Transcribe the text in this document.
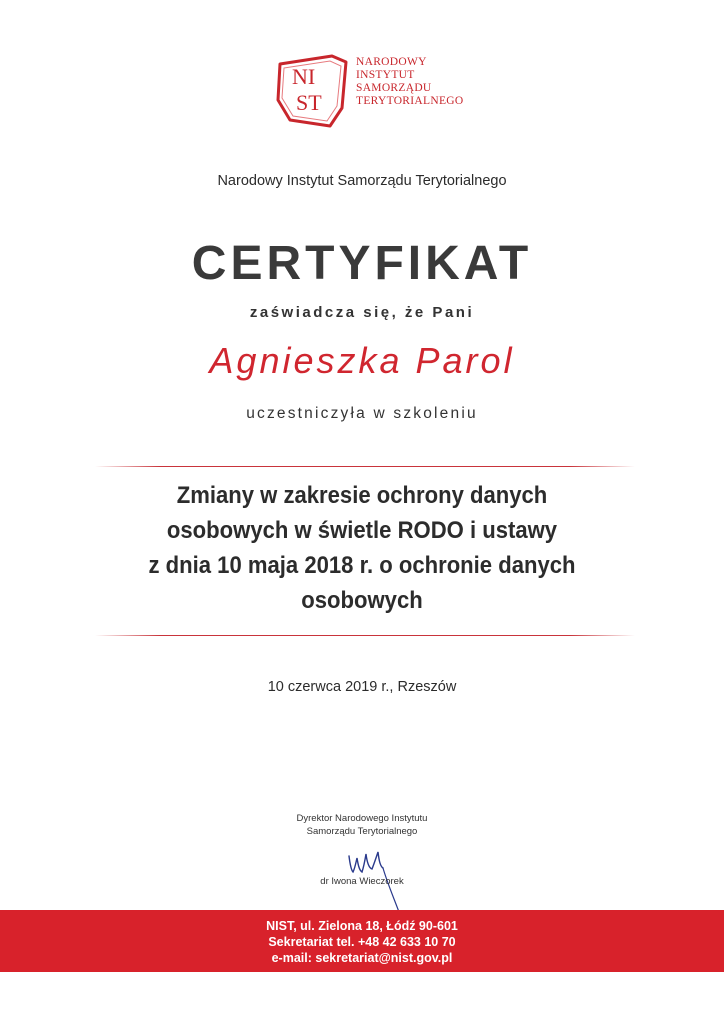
NI
ST
NARODOWY
INSTYTUT
SAMORZĄDU
TERYTORIALNEGO
Narodowy Instytut Samorządu Terytorialnego
CERTYFIKAT
zaświadcza się, że Pani
Agnieszka Parol
uczestniczyła w szkoleniu
Zmiany w zakresie ochrony danych
osobowych w świetle RODO i ustawy
z dnia 10 maja 2018 r. o ochronie danych
osobowych
10 czerwca 2019 r., Rzeszów
Dyrektor Narodowego Instytutu
Samorządu Terytorialnego
dr Iwona Wieczorek
NIST, ul. Zielona 18, Łódź 90-601
Sekretariat tel. +48 42 633 10 70
e-mail: sekretariat@nist.gov.pl
